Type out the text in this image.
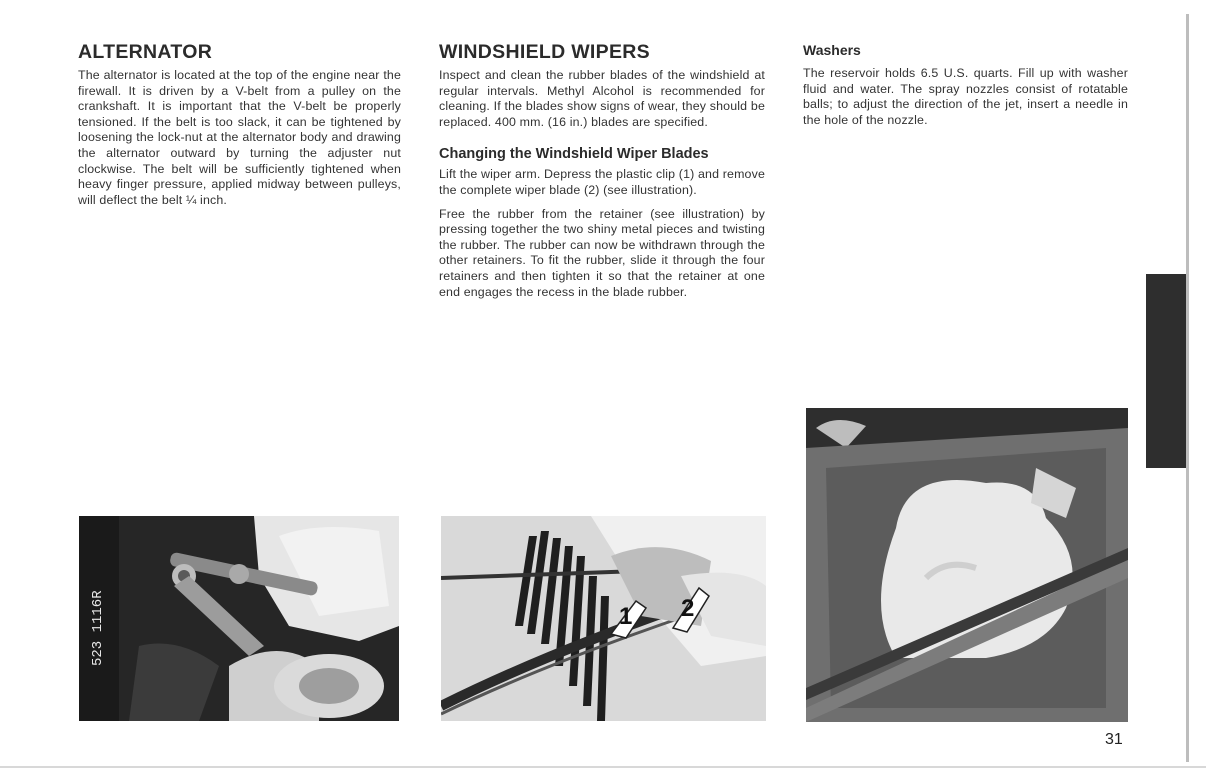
ALTERNATOR

The alternator is located at the top of the engine near the firewall. It is driven by a V-belt from a pulley on the crankshaft. It is important that the V-belt be properly tensioned. If the belt is too slack, it can be tightened by loosening the lock-nut at the alternator body and drawing the alternator outward by turning the adjuster nut clockwise. The belt will be sufficiently tightened when heavy finger pressure, applied midway between pulleys, will deflect the belt ¼ inch.

WINDSHIELD WIPERS

Inspect and clean the rubber blades of the windshield at regular intervals. Methyl Alcohol is recommended for cleaning. If the blades show signs of wear, they should be replaced. 400 mm. (16 in.) blades are specified.

Changing the Windshield Wiper Blades

Lift the wiper arm. Depress the plastic clip (1) and remove the complete wiper blade (2) (see illustration).

Free the rubber from the retainer (see illustration) by pressing together the two shiny metal pieces and twisting the rubber. The rubber can now be withdrawn through the other retainers. To fit the rubber, slide it through the four retainers and then tighten it so that the retainer at one end engages the recess in the blade rubber.

Washers

The reservoir holds 6.5 U.S. quarts. Fill up with washer fluid and water. The spray nozzles consist of rotatable balls; to adjust the direction of the jet, insert a needle in the hole of the nozzle.

523 1116R	1 2
31
